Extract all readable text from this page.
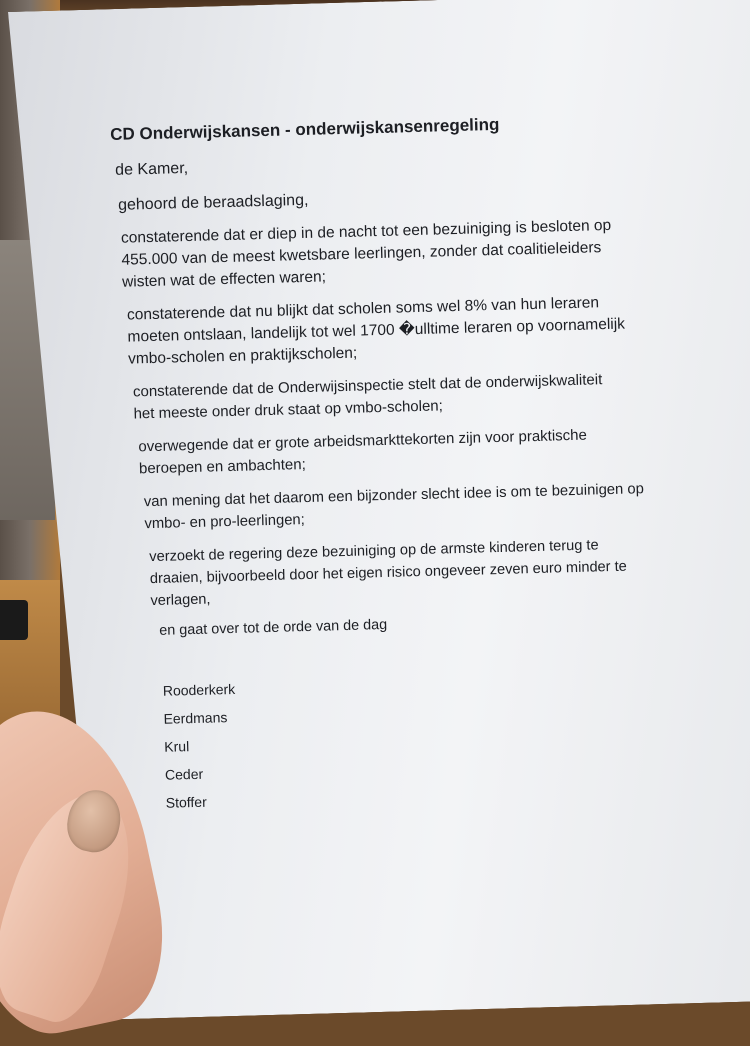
CD Onderwijskansen - onderwijskansenregeling

de Kamer,

gehoord de beraadslaging,

constaterende dat er diep in de nacht tot een bezuiniging is besloten op
455.000 van de meest kwetsbare leerlingen, zonder dat coalitieleiders
wisten wat de effecten waren;
constaterende dat nu blijkt dat scholen soms wel 8% van hun leraren
moeten ontslaan, landelijk tot wel 1700 �ulltime leraren op voornamelijk
vmbo-scholen en praktijkscholen;
constaterende dat de Onderwijsinspectie stelt dat de onderwijskwaliteit
het meeste onder druk staat op vmbo-scholen;
overwegende dat er grote arbeidsmarkttekorten zijn voor praktische
beroepen en ambachten;
van mening dat het daarom een bijzonder slecht idee is om te bezuinigen op
vmbo- en pro-leerlingen;
verzoekt de regering deze bezuiniging op de armste kinderen terug te
draaien, bijvoorbeeld door het eigen risico ongeveer zeven euro minder te
verlagen,
en gaat over tot de orde van de dag
Rooderkerk
Eerdmans
Krul
Ceder
Stoffer
